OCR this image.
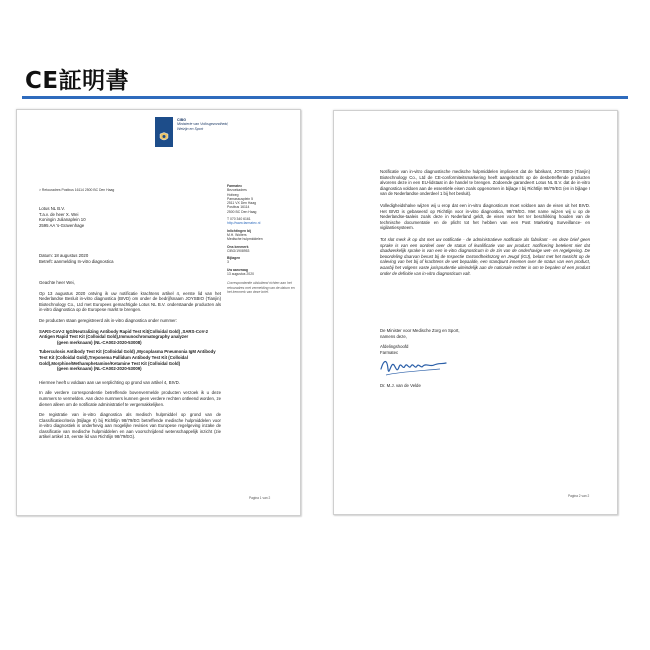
CE証明書
CIBG
Ministerie van Volksgezondheid,
Welzijn en Sport
> Retouradres Postbus 16114 2500 BC Den Haag
Lotus NL B.V.
T.a.v. de heer X. Wei
Koningin Julianaplein 10
2595 AA 's-Gravenhage
Datum: 18 augustus 2020
Betreft: aanmelding In-vitro diagnostica
Farmatec
Bezoekadres
Hofweg
Parnassusplein 5
2511 VX Den Haag
Postbus 16114
2500 BC Den Haag
T 070 340 6161
http://www.farmatec.nl
Inlichtingen bij
M.H. Wolters
Medische hulpmiddelen
Ons kenmerk
CIBG/1908953
Bijlagen
3
Uw aanvraag
13 augustus 2020
Correspondentie uitsluitend richten aan het retouradres met vermelding van de datum en het kenmerk van deze brief.
Geachte heer Wei,
Op 13 augustus 2020 ontving ik uw notificatie krachtens artikel 4, eerste lid van het Nederlandse Besluit in-vitro diagnostica (BIVD) om onder de bedrijfsnaam JOYSBIO (Tianjin) Biotechnology Co., Ltd met Europees gemachtigde Lotus NL B.V. onderstaande producten als in-vitro diagnostica op de Europese markt te brengen.
De producten staan geregistreerd als in-vitro diagnostica onder nummer:
SARS-CoV-2 IgG/Neutralizing Antibody Rapid Test Kit(Colloidal Gold) ,SARS-CoV-2 Antigen Rapid Test Kit (Colloidal Gold),Immunochromatography analyzer
(geen merknaam) (NL-CA002-2020-53008)
Tuberculosis Antibody Test Kit (Colloidal Gold) ,Mycoplasma Pneumonia IgM Antibody Test Kit (Colloidal Gold),Treponema Pallidum Antibody Test Kit (Colloidal Gold),Morphine/Methamphetamine/Ketamine Test Kit (Colloidal Gold)
(geen merknaam) (NL-CA002-2020-53009)
Hiermee heeft u voldaan aan uw verplichting op grond van artikel 4, BIVD.
In alle verdere correspondentie betreffende bovenvermelde producten verzoek ik u deze nummers te vermelden. Aan deze nummers kunnen geen verdere rechten ontleend worden, ze dienen alleen om de notificatie administratief te vergemakkelijken.
De registratie van in-vitro diagnostica als medisch hulpmiddel op grond van de Classificatiecriteria (Bijlage II) bij Richtlijn 98/79/EG betreffende medische hulpmiddelen voor in-vitro diagnostiek is onderhevig aan mogelijke revisies van Europese regelgeving inzake de classificatie van medische hulpmiddelen en aan voorschrijdend wetenschappelijk inzicht (zie artikel artikel 10, eerste lid van Richtlijn 98/79/EG).
Pagina 1 van 2
Notificatie van in-vitro diagnostische medische hulpmiddelen impliceert dat de fabrikant, JOYSBIO (Tianjin) Biotechnology Co., Ltd de CE-conformiteitsmarkering heeft aangebracht op de desbetreffende producten alvorens deze in een EU-lidstaat in de handel te brengen. Zodoende garandeert Lotus NL B.V. dat de in-vitro diagnostica voldoen aan de essentiële eisen zoals opgenomen in bijlage I bij Richtlijn 98/79/EG (en in bijlage I van de Nederlandse onderdeel 1 bij het besluit).
Volledigheidshalve wijzen wij u erop dat een in-vitro diagnosticum moet voldoen aan de eisen uit het BIVD. Het BIVD is gebaseerd op Richtlijn voor in-vitro diagnostica, 98/79/EG. Met name wijzen wij u op de Nederlandse-taaleis zoals deze in Nederland geldt, de eisen voor het ter beschikking houden van de technische documentatie en de plicht tot het hebben van een Post Marketing Surveillance- en vigilantiesysteem.
Tot slot merk ik op dat met uw notificatie - de administratieve notificatie als fabrikant - en deze brief geen sprake is van een oordeel over de status of kwalificatie van uw product: notificering betekent niet dat daadwerkelijk sprake is van een in-vitro diagnosticum in de zin van de onderhavige wet- en regelgeving. De beoordeling daarvan berust bij de Inspectie Gezondheidszorg en Jeugd (IGJ), belast met het toezicht op de naleving van het bij of krachtens de wet bepaalde, een standpunt innemen over de status van een product, waarbij het volgens vaste jurisprudentie uiteindelijk aan de nationale rechter is om te bepalen of een product onder de definitie van in-vitro diagnosticum valt.
De Minister voor Medische Zorg en Sport,
namens deze,
Afdelingshoofd
Farmatec
Dr. M.J. van de Velde
Pagina 2 van 2
